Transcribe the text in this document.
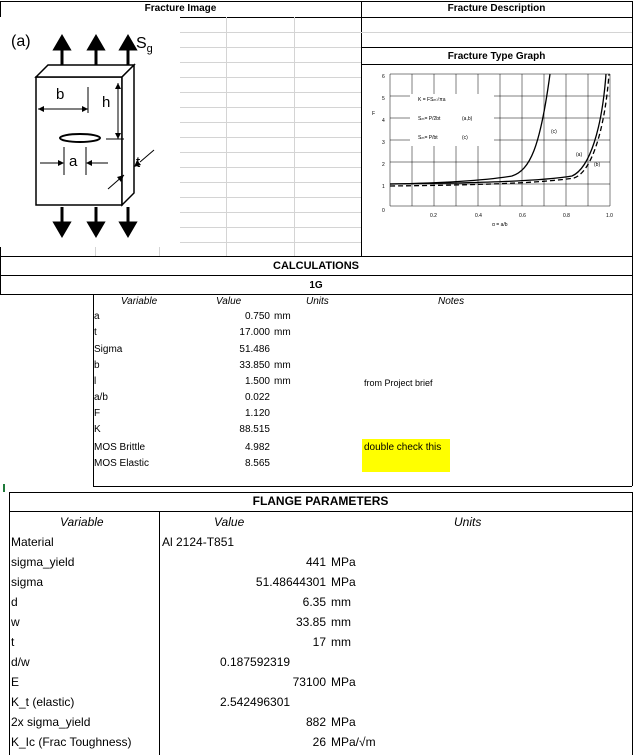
Fracture Image	Fracture Description
Fracture Type Graph
(a)	$S_g$
b	h
a	t
6
5
4
3
2
1
0
F
0.2	0.4	0.6	0.8	1.0
α = a/b
K = FSₘ√πa
Sₘ= P/2bt	(a,b)
Sₘ= P/bt	(c)
(c)
(a)
(b)
CALCULATIONS
1G
Variable	Value	Units	Notes
a	0.750 mm
t	17.000 mm
Sigma	51.486
b	33.850 mm
l	1.500 mm	from Project brief
a/b	0.022
F	1.120
K	88.515
MOS Brittle	4.982	double check this
MOS Elastic	8.565
FLANGE PARAMETERS
Variable	Value	Units
Material	Al 2124-T851
sigma_yield	441 MPa
sigma	51.48644301 MPa
d	6.35 mm
w	33.85 mm
t	17 mm
d/w	0.187592319
E	73100 MPa
K_t (elastic)	2.542496301
2x sigma_yield	882 MPa
K_Ic (Frac Toughness)	26 MPa/√m
